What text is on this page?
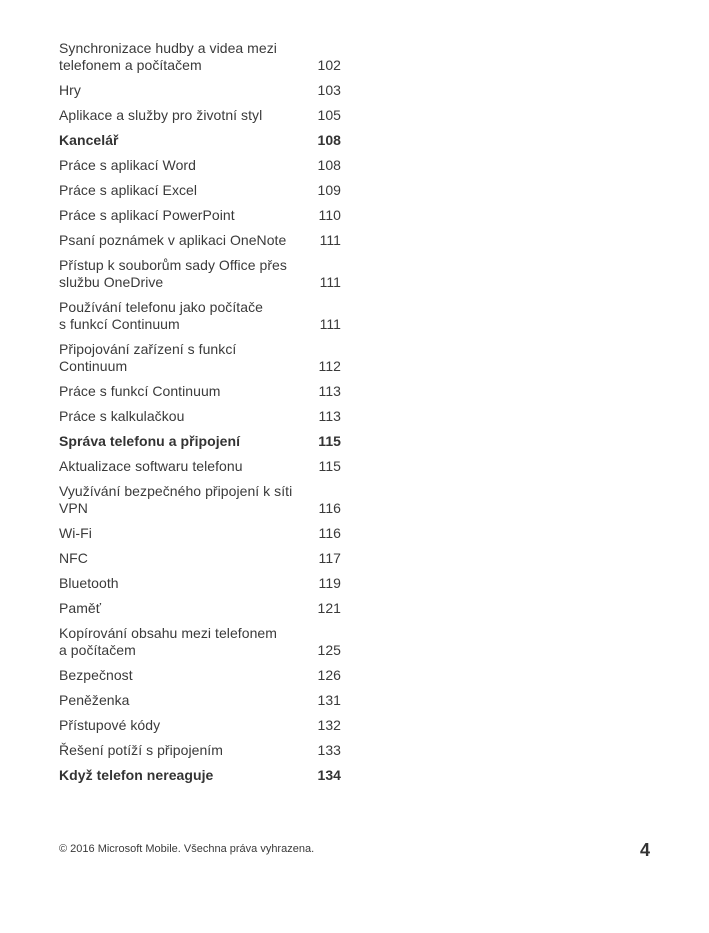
Synchronizace hudby a videa mezi
telefonem a počítačem	102
Hry	103
Aplikace a služby pro životní styl	105
Kancelář	108
Práce s aplikací Word	108
Práce s aplikací Excel	109
Práce s aplikací PowerPoint	110
Psaní poznámek v aplikaci OneNote	111
Přístup k souborům sady Office přes
službu OneDrive	111
Používání telefonu jako počítače
s funkcí Continuum	111
Připojování zařízení s funkcí
Continuum	112
Práce s funkcí Continuum	113
Práce s kalkulačkou	113
Správa telefonu a připojení	115
Aktualizace softwaru telefonu	115
Využívání bezpečného připojení k síti
VPN	116
Wi-Fi	116
NFC	117
Bluetooth	119
Paměť	121
Kopírování obsahu mezi telefonem
a počítačem	125
Bezpečnost	126
Peněženka	131
Přístupové kódy	132
Řešení potíží s připojením	133
Když telefon nereaguje	134
© 2016 Microsoft Mobile. Všechna práva vyhrazena.	4
